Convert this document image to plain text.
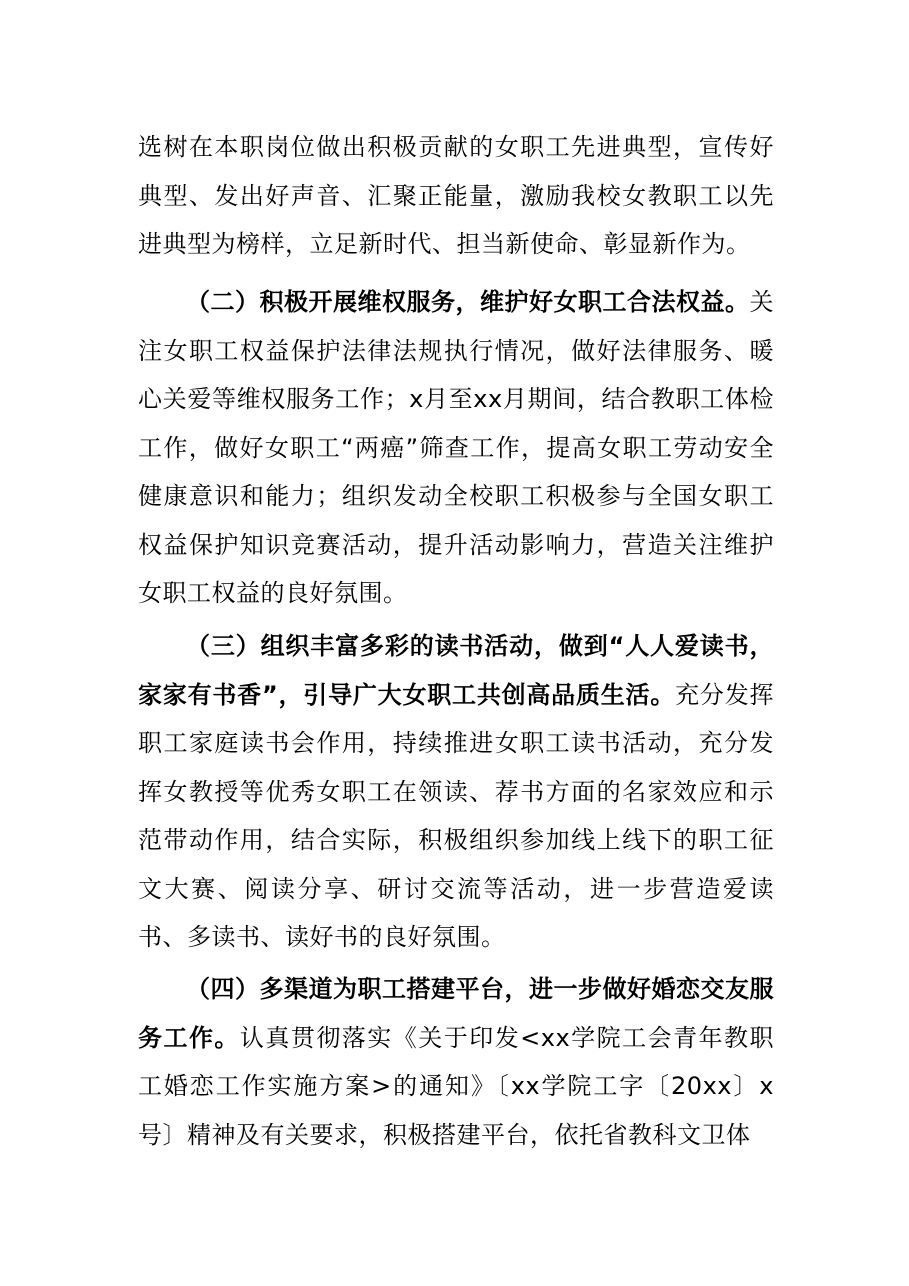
选树在本职岗位做出积极贡献的女职工先进典型，宣传好典型、发出好声音、汇聚正能量，激励我校女教职工以先进典型为榜样，立足新时代、担当新使命、彰显新作为。

（二）积极开展维权服务，维护好女职工合法权益。关注女职工权益保护法律法规执行情况，做好法律服务、暖心关爱等维权服务工作；x月至xx月期间，结合教职工体检工作，做好女职工“两癌”筛查工作，提高女职工劳动安全健康意识和能力；组织发动全校职工积极参与全国女职工权益保护知识竞赛活动，提升活动影响力，营造关注维护女职工权益的良好氛围。

（三）组织丰富多彩的读书活动，做到“人人爱读书，家家有书香”，引导广大女职工共创高品质生活。充分发挥职工家庭读书会作用，持续推进女职工读书活动，充分发挥女教授等优秀女职工在领读、荐书方面的名家效应和示范带动作用，结合实际，积极组织参加线上线下的职工征文大赛、阅读分享、研讨交流等活动，进一步营造爱读书、多读书、读好书的良好氛围。

（四）多渠道为职工搭建平台，进一步做好婚恋交友服务工作。认真贯彻落实《关于印发<xx学院工会青年教职工婚恋工作实施方案>的通知》〔xx学院工字〔20xx〕x号〕精神及有关要求，积极搭建平台，依托省教科文卫体
